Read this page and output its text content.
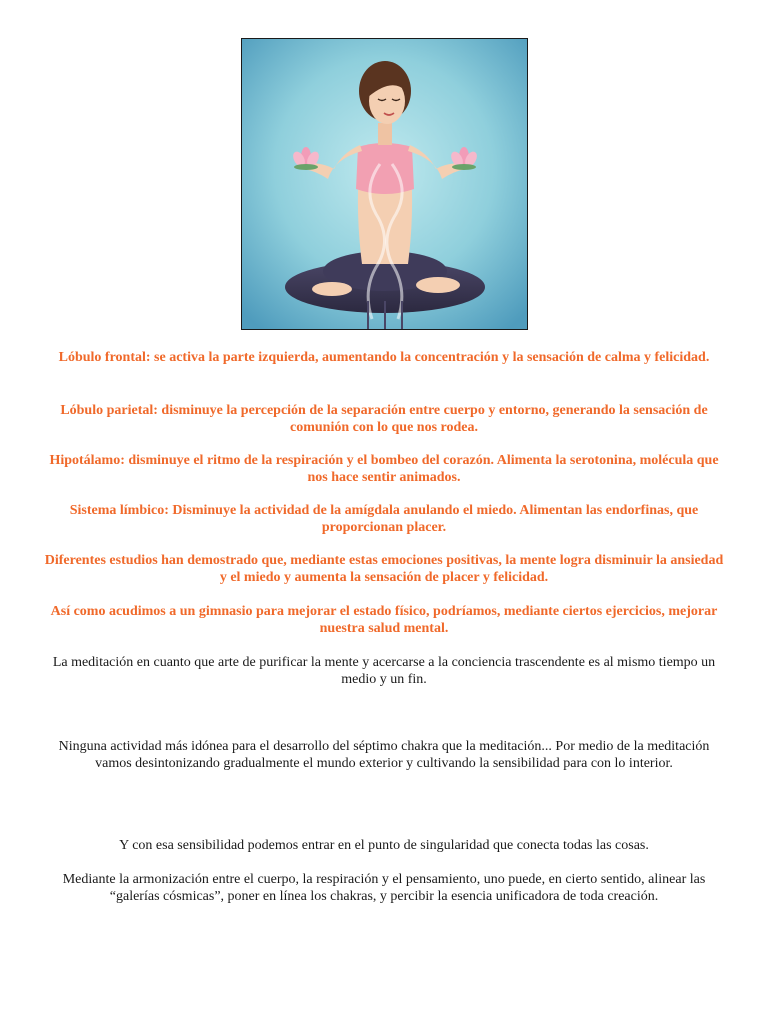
Lóbulo frontal: se activa la parte izquierda, aumentando la concentración y la sensación de calma y felicidad.

Lóbulo parietal: disminuye la percepción de la separación entre cuerpo y entorno, generando la sensación de comunión con lo que nos rodea.

Hipotálamo: disminuye el ritmo de la respiración y el bombeo del corazón. Alimenta la serotonina, molécula que nos hace sentir animados.

Sistema límbico: Disminuye la actividad de la amígdala anulando el miedo. Alimentan las endorfinas, que proporcionan placer.

Diferentes estudios han demostrado que, mediante estas emociones positivas, la mente logra disminuir la ansiedad y el miedo y aumenta la sensación de placer y felicidad.

Así como acudimos a un gimnasio para mejorar el estado físico, podríamos, mediante ciertos ejercicios, mejorar nuestra salud mental.

La meditación en cuanto que arte de purificar la mente y acercarse a la conciencia trascendente es al mismo tiempo un medio y un fin.

Ninguna actividad más idónea para el desarrollo del séptimo chakra que la meditación... Por medio de la meditación vamos desintonizando gradualmente el mundo exterior y cultivando la sensibilidad para con lo interior.

Y con esa sensibilidad podemos entrar en el punto de singularidad que conecta todas las cosas.

Mediante la armonización entre el cuerpo, la respiración y el pensamiento, uno puede, en cierto sentido, alinear las “galerías cósmicas”, poner en línea los chakras, y percibir la esencia unificadora de toda creación.
